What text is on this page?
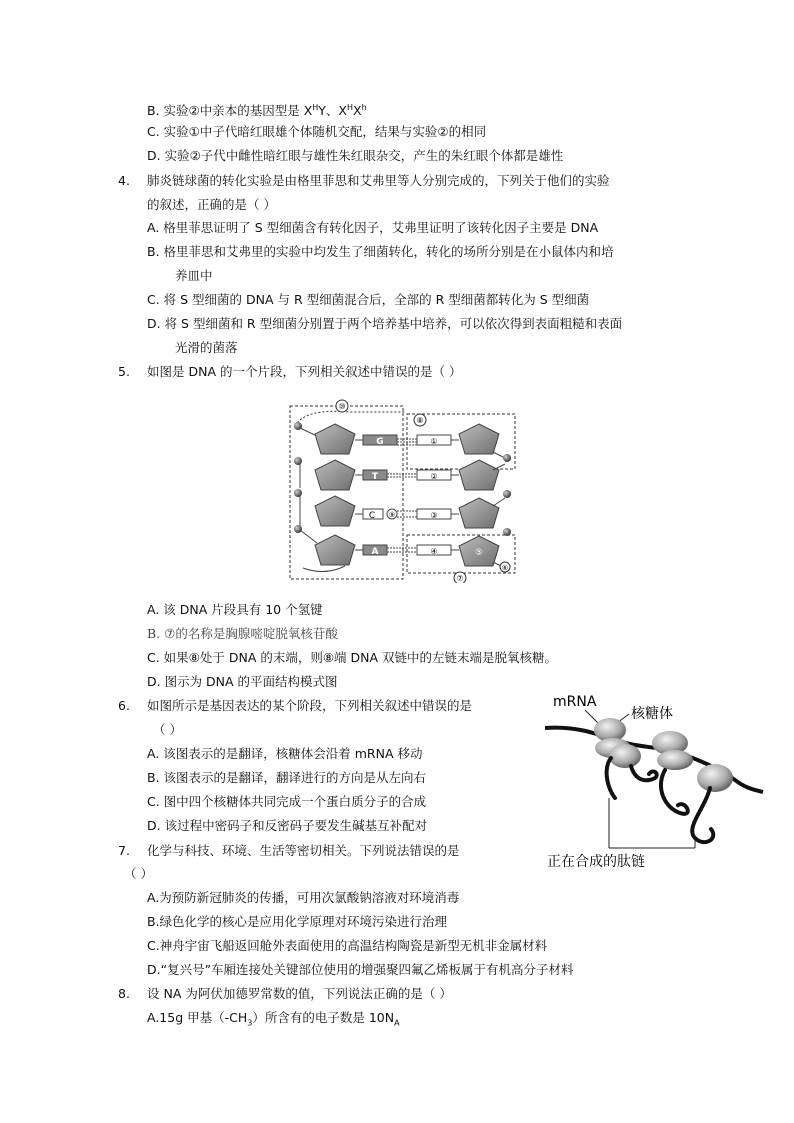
B. 实验②中亲本的基因型是 $X^HY$、$X^HX^h$
C. 实验①中子代暗红眼雄个体随机交配，结果与实验②的相同
D. 实验②子代中雌性暗红眼与雄性朱红眼杂交，产生的朱红眼个体都是雄性
4. 肺炎链球菌的转化实验是由格里菲思和艾弗里等人分别完成的，下列关于他们的实验
的叙述，正确的是（ ）
A. 格里菲思证明了 S 型细菌含有转化因子，艾弗里证明了该转化因子主要是 DNA
B. 格里菲思和艾弗里的实验中均发生了细菌转化，转化的场所分别是在小鼠体内和培
养皿中
C. 将 S 型细菌的 DNA 与 R 型细菌混合后，全部的 R 型细菌都转化为 S 型细菌
D. 将 S 型细菌和 R 型细菌分别置于两个培养基中培养，可以依次得到表面粗糙和表面
光滑的菌落
5. 如图是 DNA 的一个片段，下列相关叙述中错误的是（ ）
⑩
⑧
⑦
G	①
T	②
C ⑨	③
A	④	⑤
⑥
A. 该 DNA 片段具有 10 个氢键
B. ⑦的名称是胸腺嘧啶脱氧核苷酸
C. 如果⑧处于 DNA 的末端，则⑧端 DNA 双链中的左链末端是脱氧核糖。
D. 图示为 DNA 的平面结构模式图
6. 如图所示是基因表达的某个阶段，下列相关叙述中错误的是
（ ）
A. 该图表示的是翻译，核糖体会沿着 mRNA 移动
B. 该图表示的是翻译，翻译进行的方向是从左向右
C. 图中四个核糖体共同完成一个蛋白质分子的合成
D. 该过程中密码子和反密码子要发生碱基互补配对
mRNA
核糖体
正在合成的肽链
7. 化学与科技、环境、生活等密切相关。下列说法错误的是
（ ）
A.为预防新冠肺炎的传播，可用次氯酸钠溶液对环境消毒
B.绿色化学的核心是应用化学原理对环境污染进行治理
C.神舟宇宙飞船返回舱外表面使用的高温结构陶瓷是新型无机非金属材料
D.“复兴号”车厢连接处关键部位使用的增强聚四氟乙烯板属于有机高分子材料
8. 设 NA 为阿伏加德罗常数的值，下列说法正确的是（ ）
A.15g 甲基$(-CH_3)$所含有的电子数是 $10N_A$
